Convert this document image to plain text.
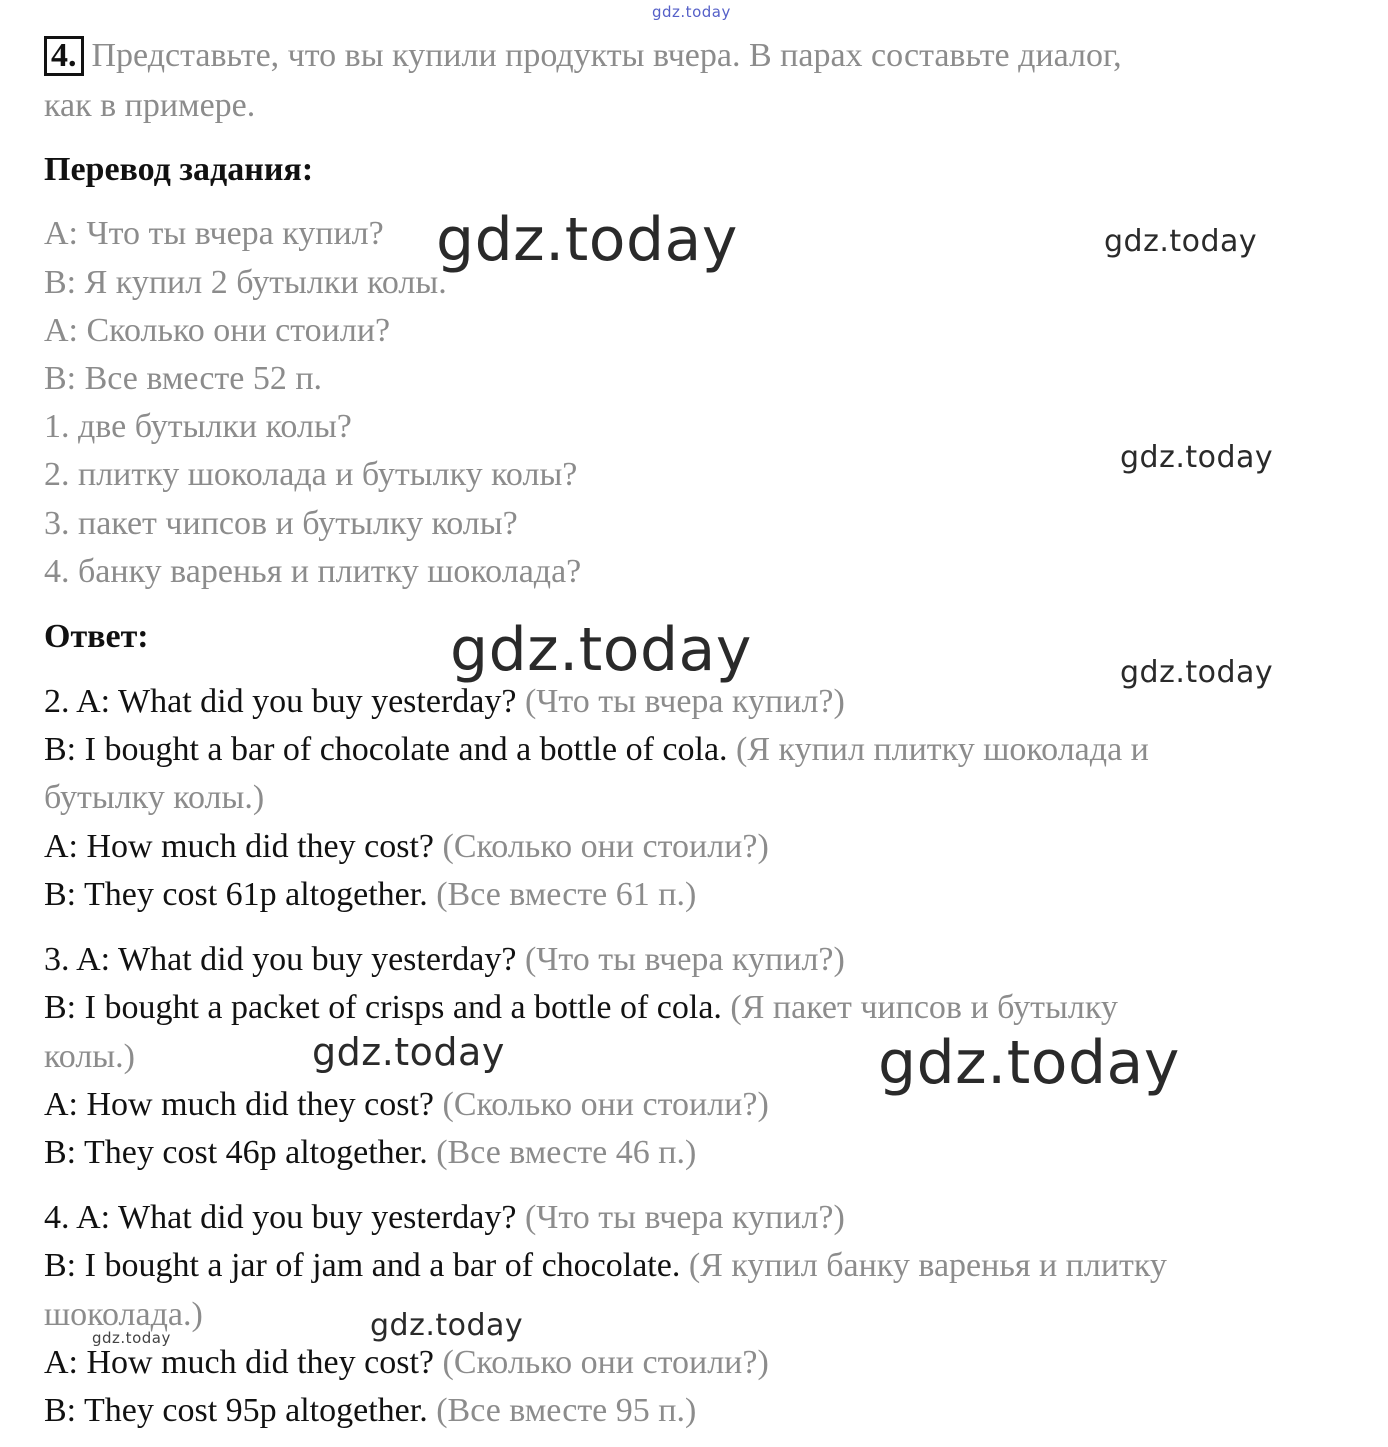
gdz.today
gdz.today	gdz.today
gdz.today
gdz.today	gdz.today
gdz.today	gdz.today
gdz.today	gdz.today
4. Представьте, что вы купили продукты вчера. В парах составьте диалог,
как в примере.
Перевод задания:
А: Что ты вчера купил?
В: Я купил 2 бутылки колы.
А: Сколько они стоили?
В: Все вместе 52 п.
1. две бутылки колы?
2. плитку шоколада и бутылку колы?
3. пакет чипсов и бутылку колы?
4. банку варенья и плитку шоколада?
Ответ:
2. A: What did you buy yesterday? (Что ты вчера купил?)
B: I bought a bar of chocolate and a bottle of cola. (Я купил плитку шоколада и
бутылку колы.)
A: How much did they cost? (Сколько они стоили?)
B: They cost 61p altogether. (Все вместе 61 п.)
3. A: What did you buy yesterday? (Что ты вчера купил?)
B: I bought a packet of crisps and a bottle of cola. (Я пакет чипсов и бутылку
колы.)
A: How much did they cost? (Сколько они стоили?)
B: They cost 46p altogether. (Все вместе 46 п.)
4. A: What did you buy yesterday? (Что ты вчера купил?)
B: I bought a jar of jam and a bar of chocolate. (Я купил банку варенья и плитку
шоколада.)
A: How much did they cost? (Сколько они стоили?)
B: They cost 95p altogether. (Все вместе 95 п.)
